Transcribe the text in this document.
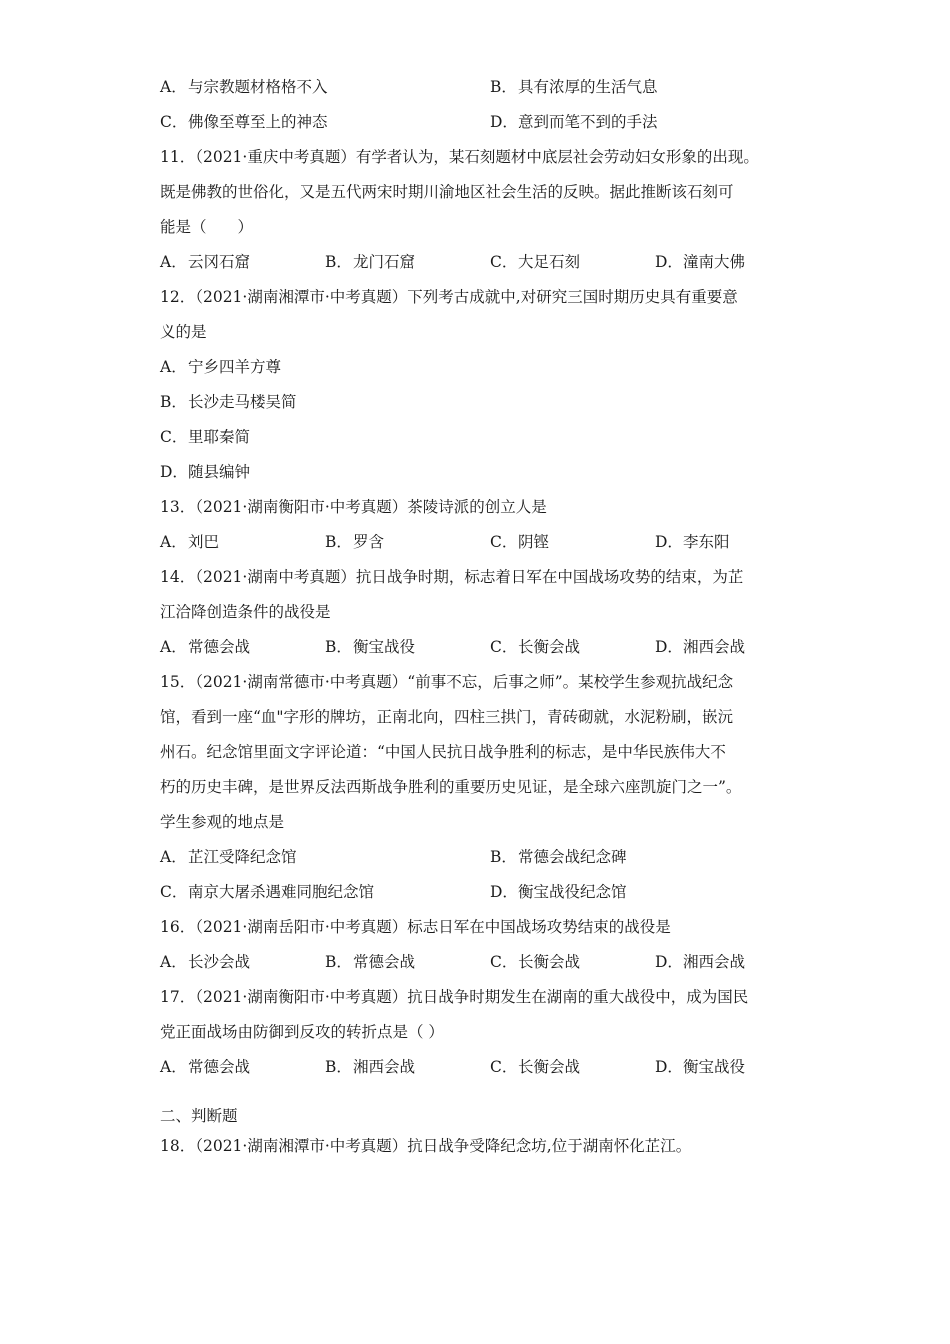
A．与宗教题材格格不入	B．具有浓厚的生活气息
C．佛像至尊至上的神态	D．意到而笔不到的手法
11．（2021·重庆中考真题）有学者认为，某石刻题材中底层社会劳动妇女形象的出现。
既是佛教的世俗化，又是五代两宋时期川渝地区社会生活的反映。据此推断该石刻可
能是（　　）
A．云冈石窟	B．龙门石窟	C．大足石刻	D．潼南大佛
12．（2021·湖南湘潭市·中考真题）下列考古成就中,对研究三国时期历史具有重要意
义的是
A．宁乡四羊方尊
B．长沙走马楼吴简
C．里耶秦简
D．随县编钟
13．（2021·湖南衡阳市·中考真题）茶陵诗派的创立人是
A．刘巴	B．罗含	C．阴铿	D．李东阳
14．（2021·湖南中考真题）抗日战争时期，标志着日军在中国战场攻势的结束，为芷
江洽降创造条件的战役是
A．常德会战	B．衡宝战役	C．长衡会战	D．湘西会战
15．（2021·湖南常德市·中考真题）“前事不忘，后事之师”。某校学生参观抗战纪念
馆，看到一座“血"字形的牌坊，正南北向，四柱三拱门，青砖砌就，水泥粉刷，嵌沅
州石。纪念馆里面文字评论道：“中国人民抗日战争胜利的标志，是中华民族伟大不
朽的历史丰碑，是世界反法西斯战争胜利的重要历史见证，是全球六座凯旋门之一”。
学生参观的地点是
A．芷江受降纪念馆	B．常德会战纪念碑
C．南京大屠杀遇难同胞纪念馆	D．衡宝战役纪念馆
16．（2021·湖南岳阳市·中考真题）标志日军在中国战场攻势结束的战役是
A．长沙会战	B．常德会战	C．长衡会战	D．湘西会战
17．（2021·湖南衡阳市·中考真题）抗日战争时期发生在湖南的重大战役中，成为国民
党正面战场由防御到反攻的转折点是（ ）
A．常德会战	B．湘西会战	C．长衡会战	D．衡宝战役
二、判断题
18．（2021·湖南湘潭市·中考真题）抗日战争受降纪念坊,位于湖南怀化芷江。
